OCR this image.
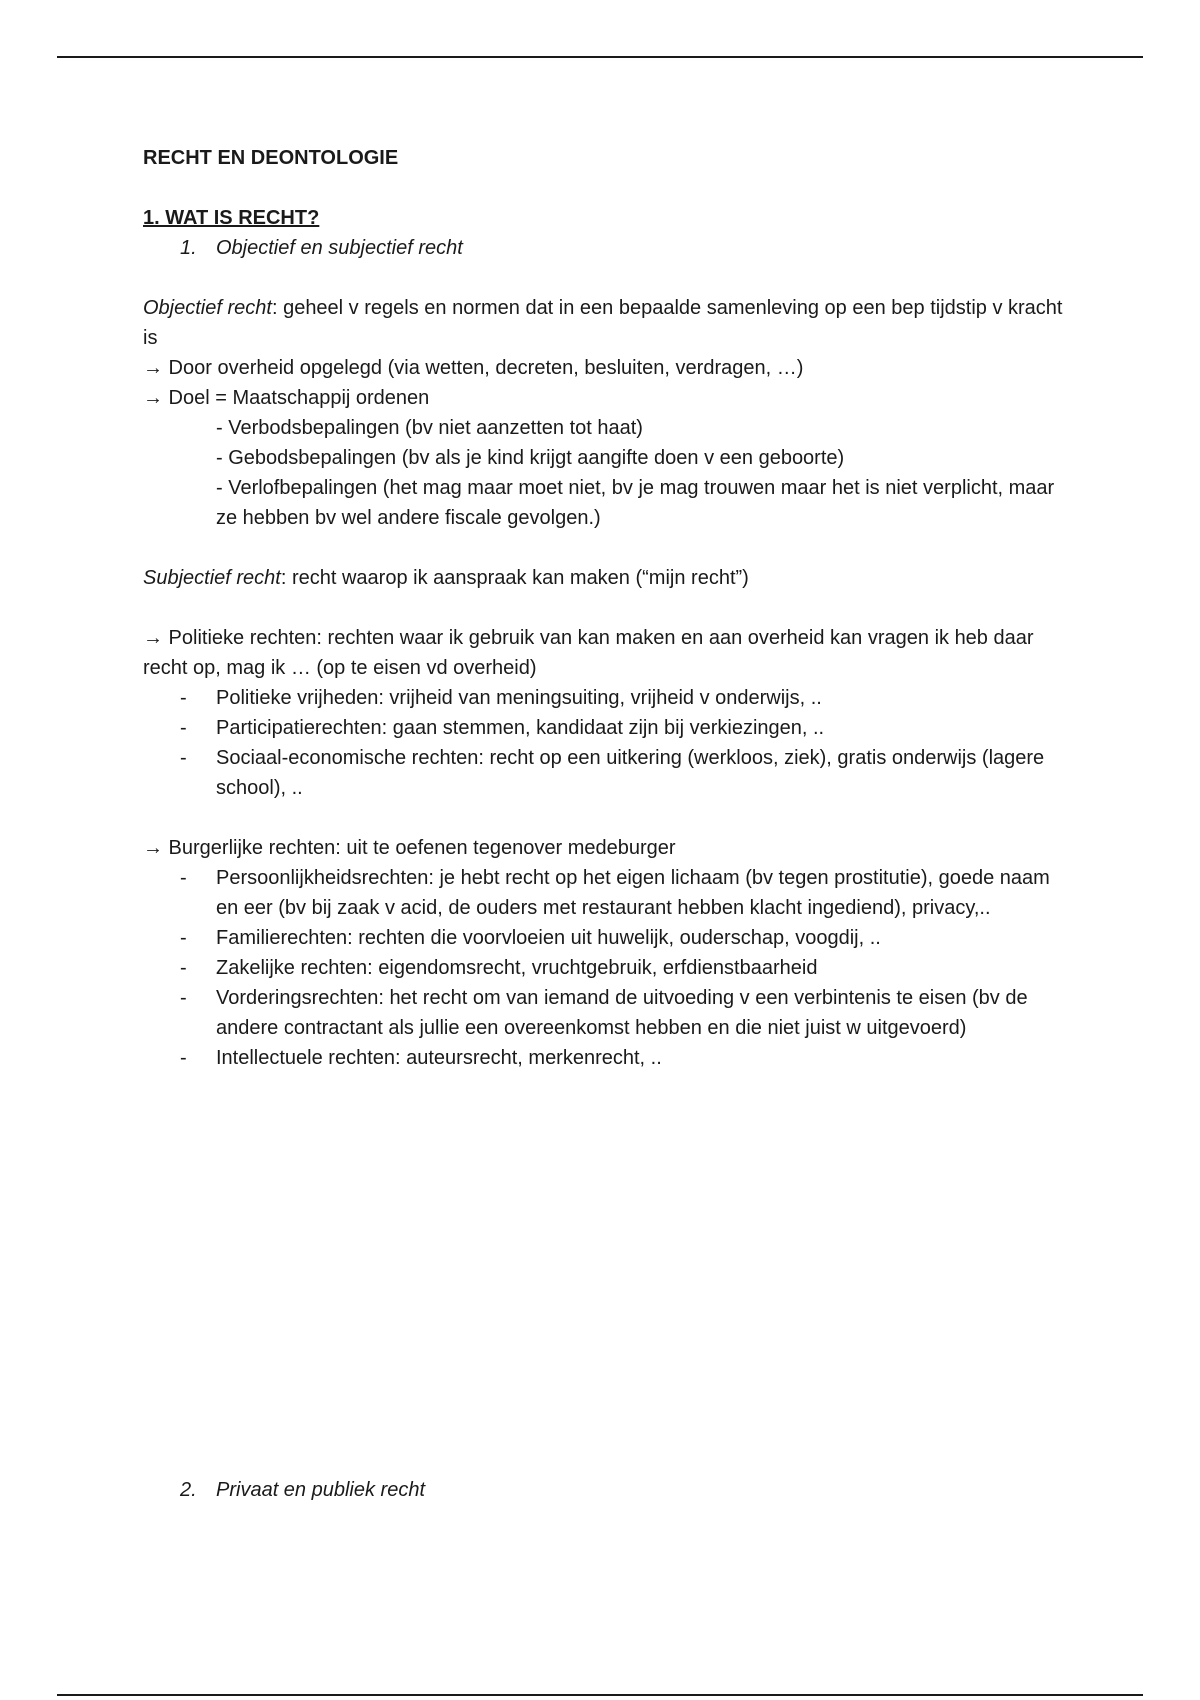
RECHT EN DEONTOLOGIE
1. WAT IS RECHT?
1. Objectief en subjectief recht

Objectief recht: geheel v regels en normen dat in een bepaalde samenleving op een bep tijdstip v kracht is

→ Door overheid opgelegd (via wetten, decreten, besluiten, verdragen, …)

→ Doel = Maatschappij ordenen

- Verbodsbepalingen (bv niet aanzetten tot haat)

- Gebodsbepalingen (bv als je kind krijgt aangifte doen v een geboorte)

- Verlofbepalingen (het mag maar moet niet, bv je mag trouwen maar het is niet verplicht, maar ze hebben bv wel andere fiscale gevolgen.)

Subjectief recht: recht waarop ik aanspraak kan maken (“mijn recht”)

→ Politieke rechten: rechten waar ik gebruik van kan maken en aan overheid kan vragen ik heb daar recht op, mag ik … (op te eisen vd overheid)

- Politieke vrijheden: vrijheid van meningsuiting, vrijheid v onderwijs, ..
- Participatierechten: gaan stemmen, kandidaat zijn bij verkiezingen, ..
- Sociaal-economische rechten: recht op een uitkering (werkloos, ziek), gratis onderwijs (lagere school), ..

→ Burgerlijke rechten: uit te oefenen tegenover medeburger

- Persoonlijkheidsrechten: je hebt recht op het eigen lichaam (bv tegen prostitutie), goede naam en eer (bv bij zaak v acid, de ouders met restaurant hebben klacht ingediend), privacy,..
- Familierechten: rechten die voorvloeien uit huwelijk, ouderschap, voogdij, ..
- Zakelijke rechten: eigendomsrecht, vruchtgebruik, erfdienstbaarheid
- Vorderingsrechten: het recht om van iemand de uitvoeding v een verbintenis te eisen (bv de andere contractant als jullie een overeenkomst hebben en die niet juist w uitgevoerd)
- Intellectuele rechten: auteursrecht, merkenrecht, ..
2. Privaat en publiek recht
